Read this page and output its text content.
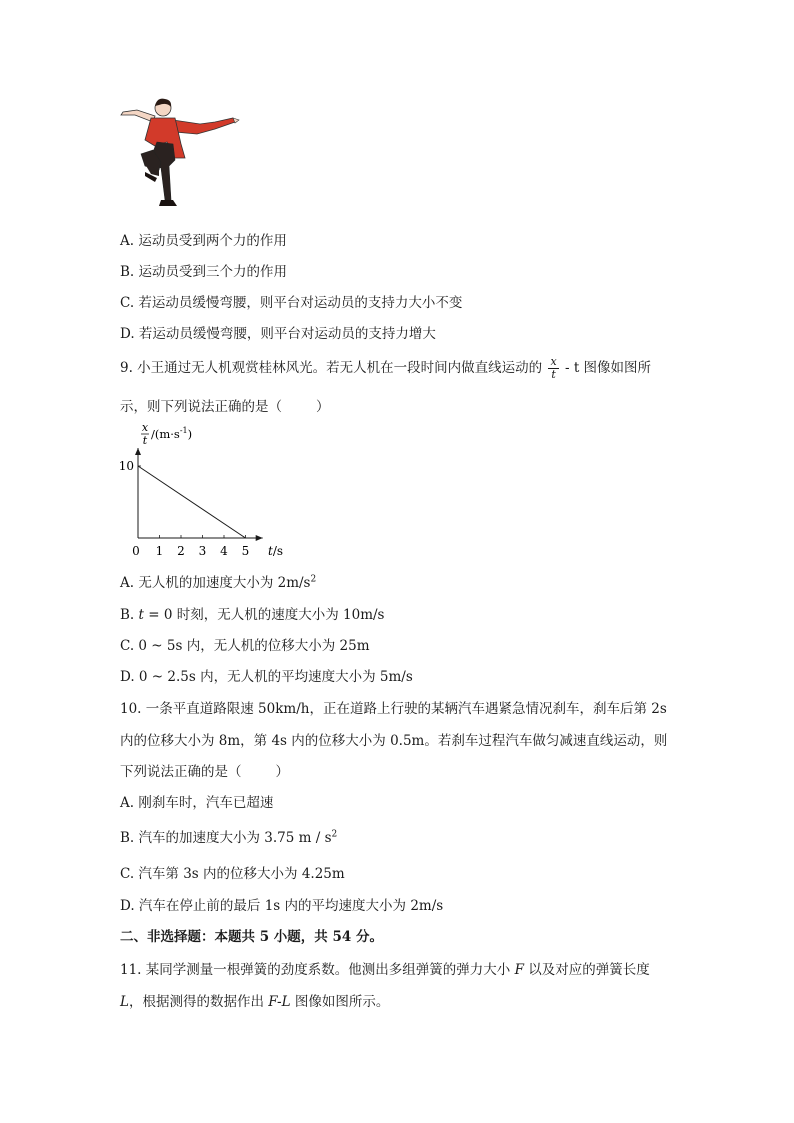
A. 运动员受到两个力的作用
B. 运动员受到三个力的作用
C. 若运动员缓慢弯腰，则平台对运动员的支持力大小不变
D. 若运动员缓慢弯腰，则平台对运动员的支持力增大
9. 小王通过无人机观赏桂林风光。若无人机在一段时间内做直线运动的 $\frac{x}{t}$ - t 图像如图所
示，则下列说法正确的是（	）
0 1 2 3 4 5
10
x
t $/(m\cdot s^{-1})$
t/s
A. 无人机的加速度大小为 $2m/s^2$
B. t = 0 时刻，无人机的速度大小为 10m/s
C. 0 ~ 5s 内，无人机的位移大小为 25m
D. 0 ~ 2.5s 内，无人机的平均速度大小为 5m/s
10. 一条平直道路限速 50km/h，正在道路上行驶的某辆汽车遇紧急情况刹车，刹车后第 2s
内的位移大小为 8m，第 4s 内的位移大小为 0.5m。若刹车过程汽车做匀减速直线运动，则
下列说法正确的是（	）
A. 刚刹车时，汽车已超速
B. 汽车的加速度大小为 3.75 m / $s^2$
C. 汽车第 3s 内的位移大小为 4.25m
D. 汽车在停止前的最后 1s 内的平均速度大小为 2m/s
二、非选择题：本题共 5 小题，共 54 分。
11. 某同学测量一根弹簧的劲度系数。他测出多组弹簧的弹力大小 F 以及对应的弹簧长度
L，根据测得的数据作出 F-L 图像如图所示。
